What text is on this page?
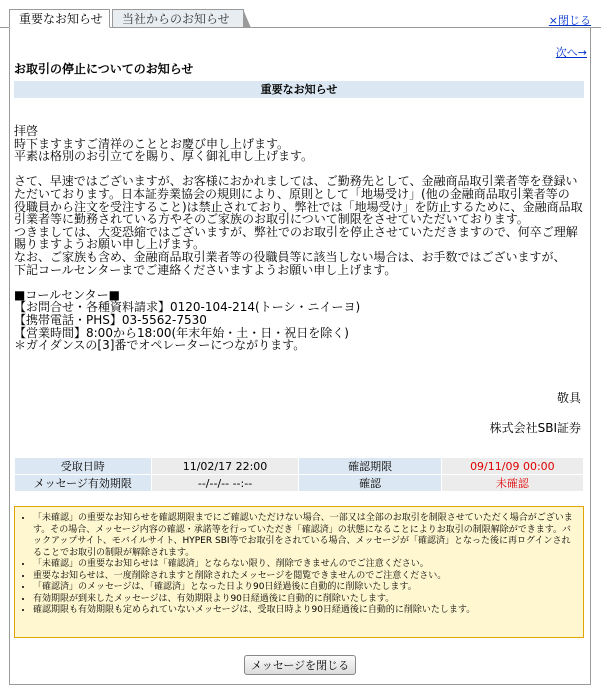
重要なお知らせ	当社からのお知らせ	×閉じる
次へ→
お取引の停止についてのお知らせ
重要なお知らせ

拝啓

時下ますますご清祥のこととお慶び申し上げます。

平素は格別のお引立てを賜り、厚く御礼申し上げます。

さて、早速ではございますが、お客様におかれましては、ご勤務先として、金融商品取引業者等を登録い

ただいております。日本証券業協会の規則により、原則として「地場受け」(他の金融商品取引業者等の

役職員から注文を受注すること)は禁止されており、弊社では「地場受け」を防止するために、金融商品取

引業者等に勤務されている方やそのご家族のお取引について制限をさせていただいております。

つきましては、大変恐縮ではございますが、弊社でのお取引を停止させていただきますので、何卒ご理解

賜りますようお願い申し上げます。

なお、ご家族も含め、金融商品取引業者等の役職員等に該当しない場合は、お手数ではございますが、

下記コールセンターまでご連絡くださいますようお願い申し上げます。

■コールセンター■

【お問合せ・各種資料請求】0120-104-214(トーシ・ニイーヨ)

【携帯電話・PHS】03-5562-7530

【営業時間】8:00から18:00(年末年始・土・日・祝日を除く)

＊ガイダンスの[3]番でオペレーターにつながります。

敬具
株式会社SBI証券
受取日時	11/02/17 22:00	確認期限	09/11/09 00:00
メッセージ有効期限	--/--/-- --:--	確認	未確認
• 「未確認」の重要なお知らせを確認期限までにご確認いただけない場合、一部又は全部のお取引を制限させていただく場合がございます。その場合、メッセージ内容の確認・承諾等を行っていただき「確認済」の状態になることによりお取引の制限解除ができます。バックアップサイト、モバイルサイト、HYPER SBI等でお取引をされている場合、メッセージが「確認済」となった後に再ログインされることでお取引の制限が解除されます。
• 「未確認」の重要なお知らせは「確認済」とならない限り、削除できませんのでご注意ください。
• 重要なお知らせは、一度削除されますと削除されたメッセージを閲覧できませんのでご注意ください。
• 「確認済」のメッセージは、「確認済」となった日より90日経過後に自動的に削除いたします。
• 有効期限が到来したメッセージは、有効期限より90日経過後に自動的に削除いたします。
• 確認期限も有効期限も定められていないメッセージは、受取日時より90日経過後に自動的に削除いたします。
メッセージを閉じる
